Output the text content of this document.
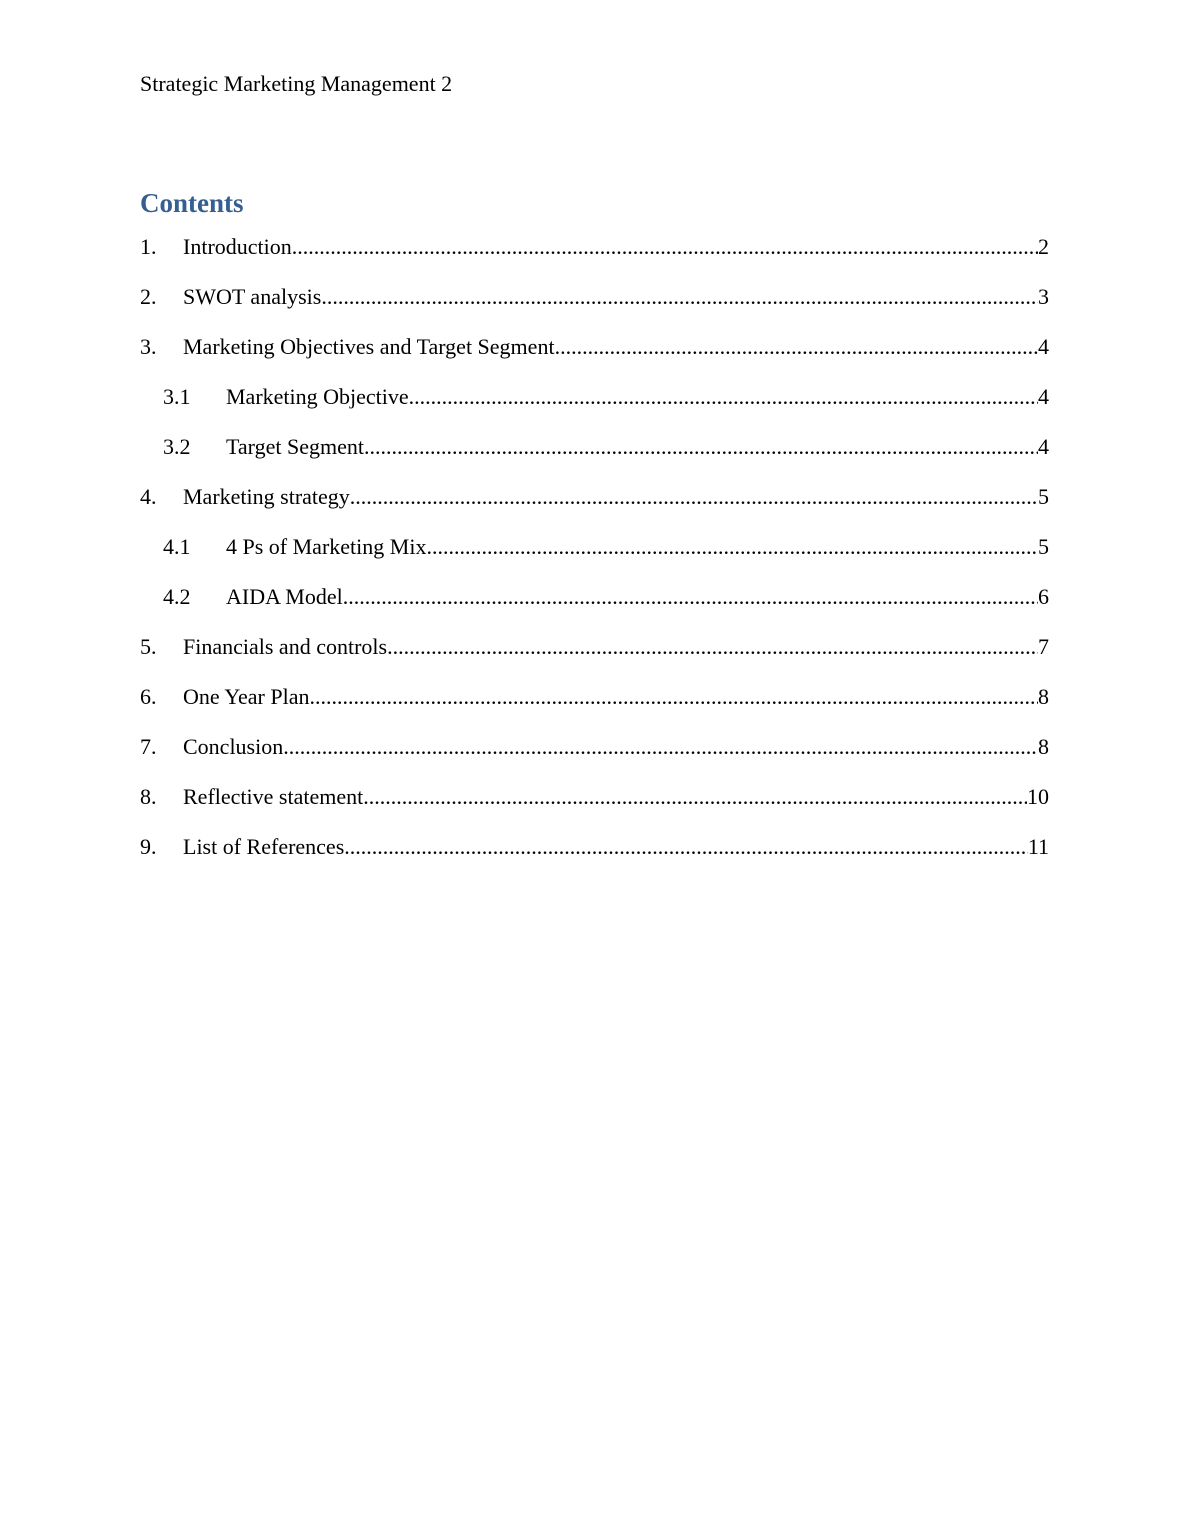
Strategic Marketing Management 2
Contents
1.	Introduction .....	2
2.	SWOT analysis .....	3
3.	Marketing Objectives and Target Segment .....	4
3.1	Marketing Objective .....	4
3.2	Target Segment .....	4
4.	Marketing strategy .....	5
4.1	4 Ps of Marketing Mix .....	5
4.2	AIDA Model .....	6
5.	Financials and controls .....	7
6.	One Year Plan .....	8
7.	Conclusion .....	8
8.	Reflective statement .....	10
9.	List of References .....	11
